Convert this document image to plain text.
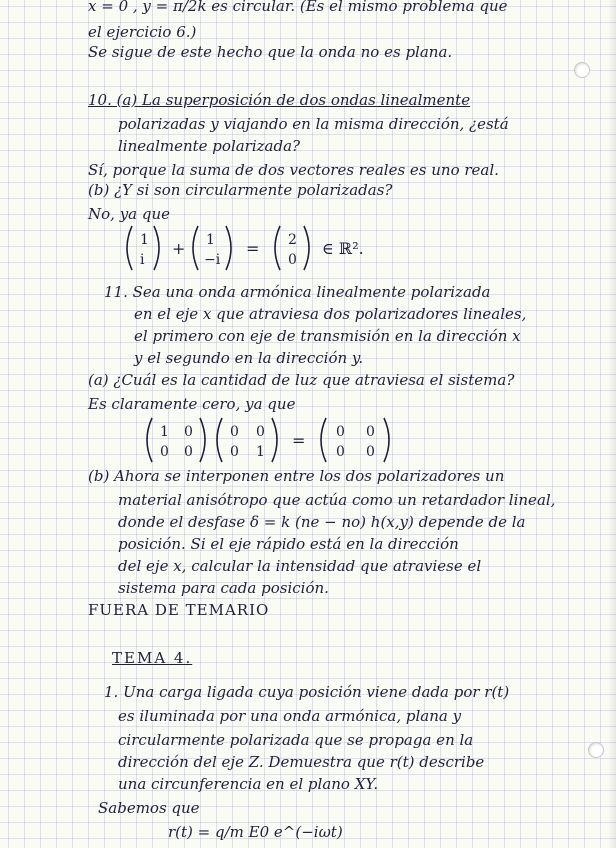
x = 0 , y = π/2k es circular. (Es el mismo problema que
el ejercicio 6.)
Se sigue de este hecho que la onda no es plana.
10. (a) La superposición de dos ondas linealmente
polarizadas y viajando en la misma dirección, ¿está
linealmente polarizada?
Sí, porque la suma de dos vectores reales es uno real.
(b) ¿Y si son circularmente polarizadas?
No, ya que
1
i
+ 1
−i
= 2
0
∈ ℝ².
11. Sea una onda armónica linealmente polarizada
en el eje x que atraviesa dos polarizadores lineales,
el primero con eje de transmisión en la dirección x
y el segundo en la dirección y.
(a) ¿Cuál es la cantidad de luz que atraviesa el sistema?
Es claramente cero, ya que
1 0
0 0
0 0
0 1
= 0 0
0 0
(b) Ahora se interponen entre los dos polarizadores un
material anisótropo que actúa como un retardador lineal,
donde el desfase δ = k (ne − no) h(x,y) depende de la
posición. Si el eje rápido está en la dirección
del eje x, calcular la intensidad que atraviese el
sistema para cada posición.
FUERA DE TEMARIO
TEMA 4.
1. Una carga ligada cuya posición viene dada por r(t)
es iluminada por una onda armónica, plana y
circularmente polarizada que se propaga en la
dirección del eje Z. Demuestra que r(t) describe
una circunferencia en el plano XY.
Sabemos que
r(t) = q/m E0 e^(−iωt)
